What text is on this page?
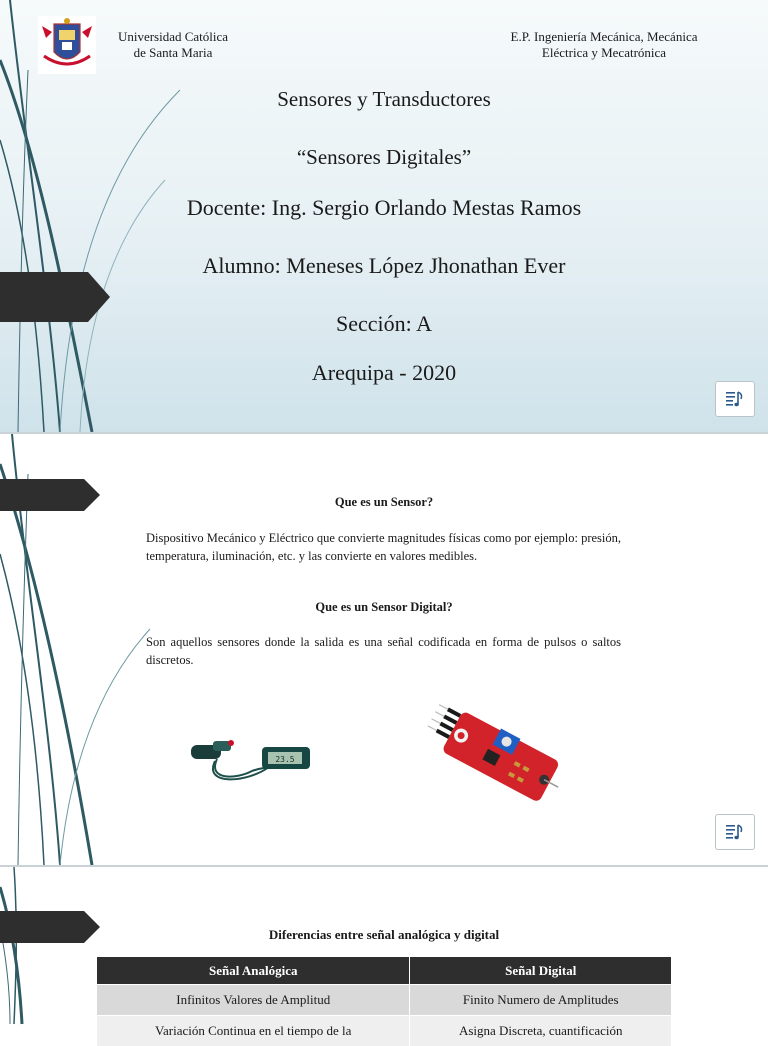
Universidad Católica
de Santa Maria
E.P. Ingeniería Mecánica, Mecánica
Eléctrica y Mecatrónica
Sensores y Transductores
“Sensores Digitales”
Docente: Ing. Sergio Orlando Mestas Ramos
Alumno: Meneses López Jhonathan Ever
Sección: A
Arequipa - 2020
Que es un Sensor?
Dispositivo Mecánico y Eléctrico que convierte magnitudes físicas como por ejemplo: presión, temperatura, iluminación, etc. y las convierte en valores medibles.
Que es un Sensor Digital?
Son aquellos sensores donde la salida es una señal codificada en forma de pulsos o saltos discretos.
23.5
Diferencias entre señal analógica y digital
Señal Analógica	Señal Digital
Infinitos Valores de Amplitud	Finito Numero de Amplitudes
Variación Continua en el tiempo de la	Asigna Discreta, cuantificación
